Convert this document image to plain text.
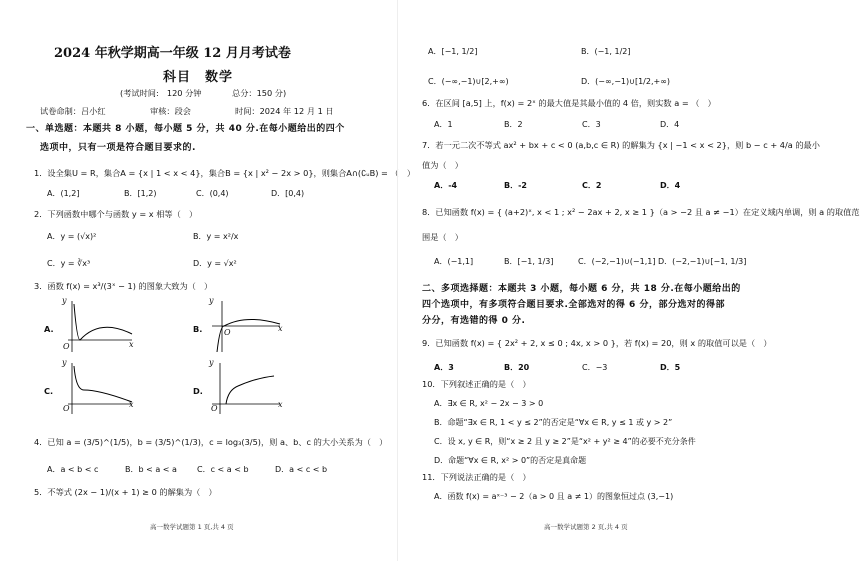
2024 年秋学期高一年级 12 月月考试卷
科目　数学
(考试时间:　120 分钟	总分：150 分)
试卷命制：吕小红	审核：段会	时间：2024 年 12 月 1 日
一、单选题：本题共 8 小题，每小题 5 分，共 40 分.在每小题给出的四个
选项中，只有一项是符合题目要求的.
1．设全集U = R，集合A = {x | 1 < x < 4}，集合B = {x | x² − 2x > 0}，则集合A∩(∁ᵤB) = （　）
A．(1,2]	B．[1,2)	C．(0,4)	D．[0,4)
2．下列函数中哪个与函数 y = x 相等（　）
A．y = (√x)²	B．y = x²/x
C．y = ∛x³	D．y = √x²
3．函数 f(x) = x³/(3ˣ − 1) 的图象大致为（　）
A.
y
x
O
B.
y
x
O
C.
y
x
O
D.
y
x
O
4．已知 a = (3/5)^(1/5)，b = (3/5)^(1/3)，c = log₃(3/5)，则 a、b、c 的大小关系为（　）
A．a < b < c	B．b < a < a	C．c < a < b	D．a < c < b
5．不等式 (2x − 1)/(x + 1) ≥ 0 的解集为（　）
高一数学试题第 1 页,共 4 页
A．[−1, 1/2]	B．(−1, 1/2]
C．(−∞,−1)∪[2,+∞)	D．(−∞,−1)∪[1/2,+∞)
6．在区间 [a,5] 上，f(x) = 2ˣ 的最大值是其最小值的 4 倍，则实数 a = （　）
A．1	B．2	C．3	D．4
7．若一元二次不等式 ax² + bx + c < 0 (a,b,c ∈ R) 的解集为 {x | −1 < x < 2}，则 b − c + 4/a 的最小
值为（　）
A．-4	B．-2	C．2	D．4
8．已知函数 f(x) = { (a+2)ˣ, x < 1 ; x² − 2ax + 2, x ≥ 1 }（a > −2 且 a ≠ −1）在定义域内单调，则 a 的取值范
围是（　）
A．(−1,1]	B．[−1, 1/3]	C．(−2,−1)∪(−1,1] D．(−2,−1)∪[−1, 1/3]
二、多项选择题：本题共 3 小题，每小题 6 分，共 18 分.在每小题给出的
四个选项中，有多项符合题目要求.全部选对的得 6 分，部分选对的得部
分分，有选错的得 0 分.
9．已知函数 f(x) = { 2x² + 2, x ≤ 0 ; 4x, x > 0 }，若 f(x) = 20，则 x 的取值可以是（　）
A．3	B．20	C．−3	D．5
10．下列叙述正确的是（　）
A．∃x ∈ R, x² − 2x − 3 > 0
B．命题“∃x ∈ R, 1 < y ≤ 2”的否定是“∀x ∈ R, y ≤ 1 或 y > 2”
C．设 x, y ∈ R，则“x ≥ 2 且 y ≥ 2”是“x² + y² ≥ 4”的必要不充分条件
D．命题“∀x ∈ R, x² > 0”的否定是真命题
11．下列说法正确的是（　）
A．函数 f(x) = aˣ⁻³ − 2（a > 0 且 a ≠ 1）的图象恒过点 (3,−1)
高一数学试题第 2 页,共 4 页
